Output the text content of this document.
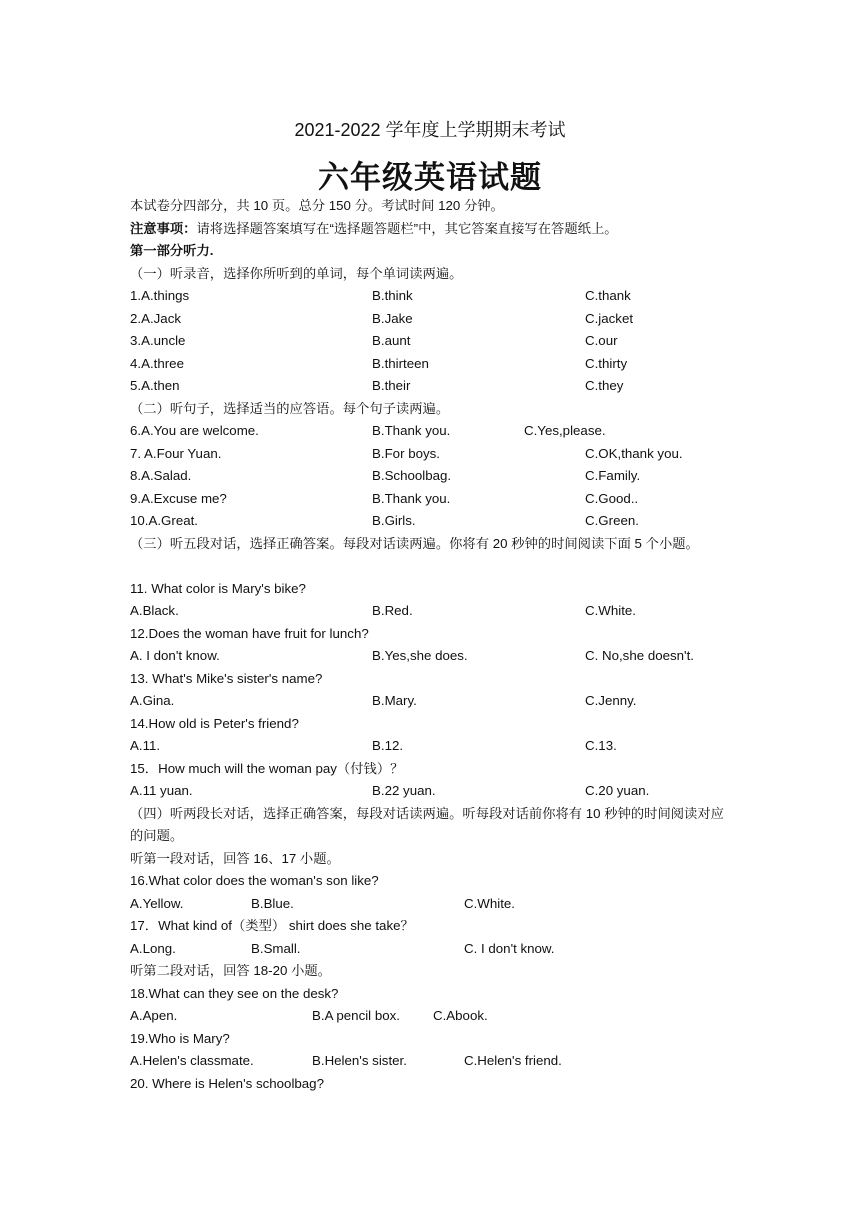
2021-2022 学年度上学期期末考试
六年级英语试题
本试卷分四部分，共 10 页。总分 150 分。考试时间 120 分钟。
注意事项：请将选择题答案填写在“选择题答题栏”中，其它答案直接写在答题纸上。
第一部分听力.
（一）听录音，选择你所听到的单词，每个单词读两遍。
1.A.things	B.think	C.thank
2.A.Jack	B.Jake	C.jacket
3.A.uncle	B.aunt	C.our
4.A.three	B.thirteen	C.thirty
5.A.then	B.their	C.they
（二）听句子，选择适当的应答语。每个句子读两遍。
6.A.You are welcome.	B.Thank you.	C.Yes,please.
7. A.Four Yuan.	B.For boys.	C.OK,thank you.
8.A.Salad.	B.Schoolbag.	C.Family.
9.A.Excuse me?	B.Thank you.	C.Good..
10.A.Great.	B.Girls.	C.Green.
（三）听五段对话，选择正确答案。每段对话读两遍。你将有 20 秒钟的时间阅读下面 5 个小题。
11. What color is Mary's bike?
A.Black.	B.Red.	C.White.
12.Does the woman have fruit for lunch?
A. I don't know.	B.Yes,she does.	C. No,she doesn't.
13. What's Mike's sister's name?
A.Gina.	B.Mary.	C.Jenny.
14.How old is Peter's friend?
A.11.	B.12.	C.13.
15．How much will the woman pay（付钱）？
A.11 yuan.	B.22 yuan.	C.20 yuan.
（四）听两段长对话，选择正确答案，每段对话读两遍。听每段对话前你将有 10 秒钟的时间阅读对应的问题。
听第一段对话，回答 16、17 小题。
16.What color does the woman's son like?
A.Yellow.	B.Blue.	C.White.
17．What kind of（类型） shirt does she take？
A.Long.	B.Small.	C. I don't know.
听第二段对话，回答 18-20 小题。
18.What can they see on the desk?
A.Apen.	B.A pencil box. C.Abook.
19.Who is Mary?
A.Helen's classmate.	B.Helen's sister.	C.Helen's friend.
20. Where is Helen's schoolbag?
